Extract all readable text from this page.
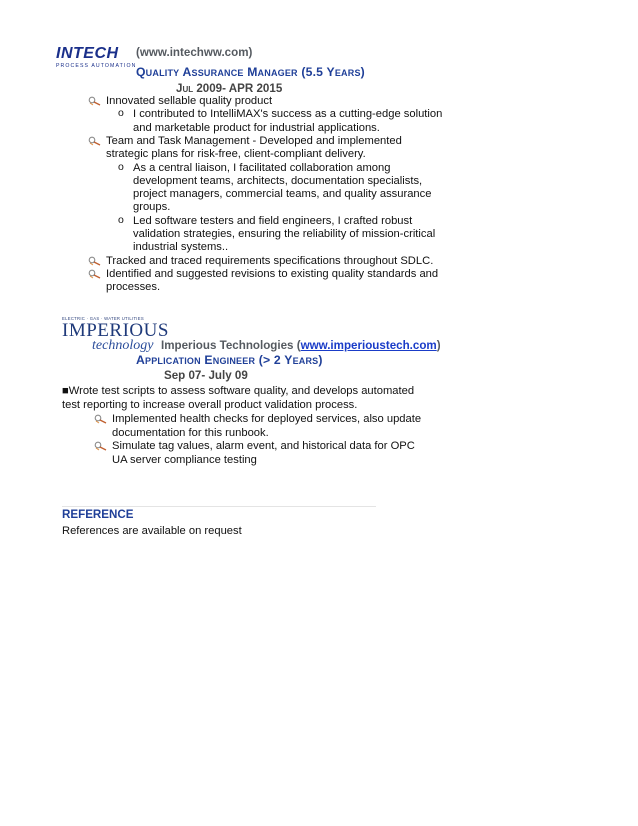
INTECH
PROCESS AUTOMATION
(www.intechww.com)
Quality Assurance Manager (5.5 Years)
Jul 2009- APR 2015
Innovated sellable quality product
o I contributed to IntelliMAX's success as a cutting-edge solution
and marketable product for industrial applications.
Team and Task Management - Developed and implemented
strategic plans for risk-free, client-compliant delivery.
o As a central liaison, I facilitated collaboration among
development teams, architects, documentation specialists,
project managers, commercial teams, and quality assurance
groups.
o Led software testers and field engineers, I crafted robust
validation strategies, ensuring the reliability of mission-critical
industrial systems..
Tracked and traced requirements specifications throughout SDLC.
Identified and suggested revisions to existing quality standards and
processes.
ELECTRIC · GAS · WATER UTILITIES
IMPERIOUS
technology Imperious Technologies (www.imperioustech.com)
Application Engineer (> 2 Years)
Sep 07- July 09
■Wrote test scripts to assess software quality, and develops automated
test reporting to increase overall product validation process.
Implemented health checks for deployed services, also update
documentation for this runbook.
Simulate tag values, alarm event, and historical data for OPC
UA server compliance testing
REFERENCE
References are available on request
